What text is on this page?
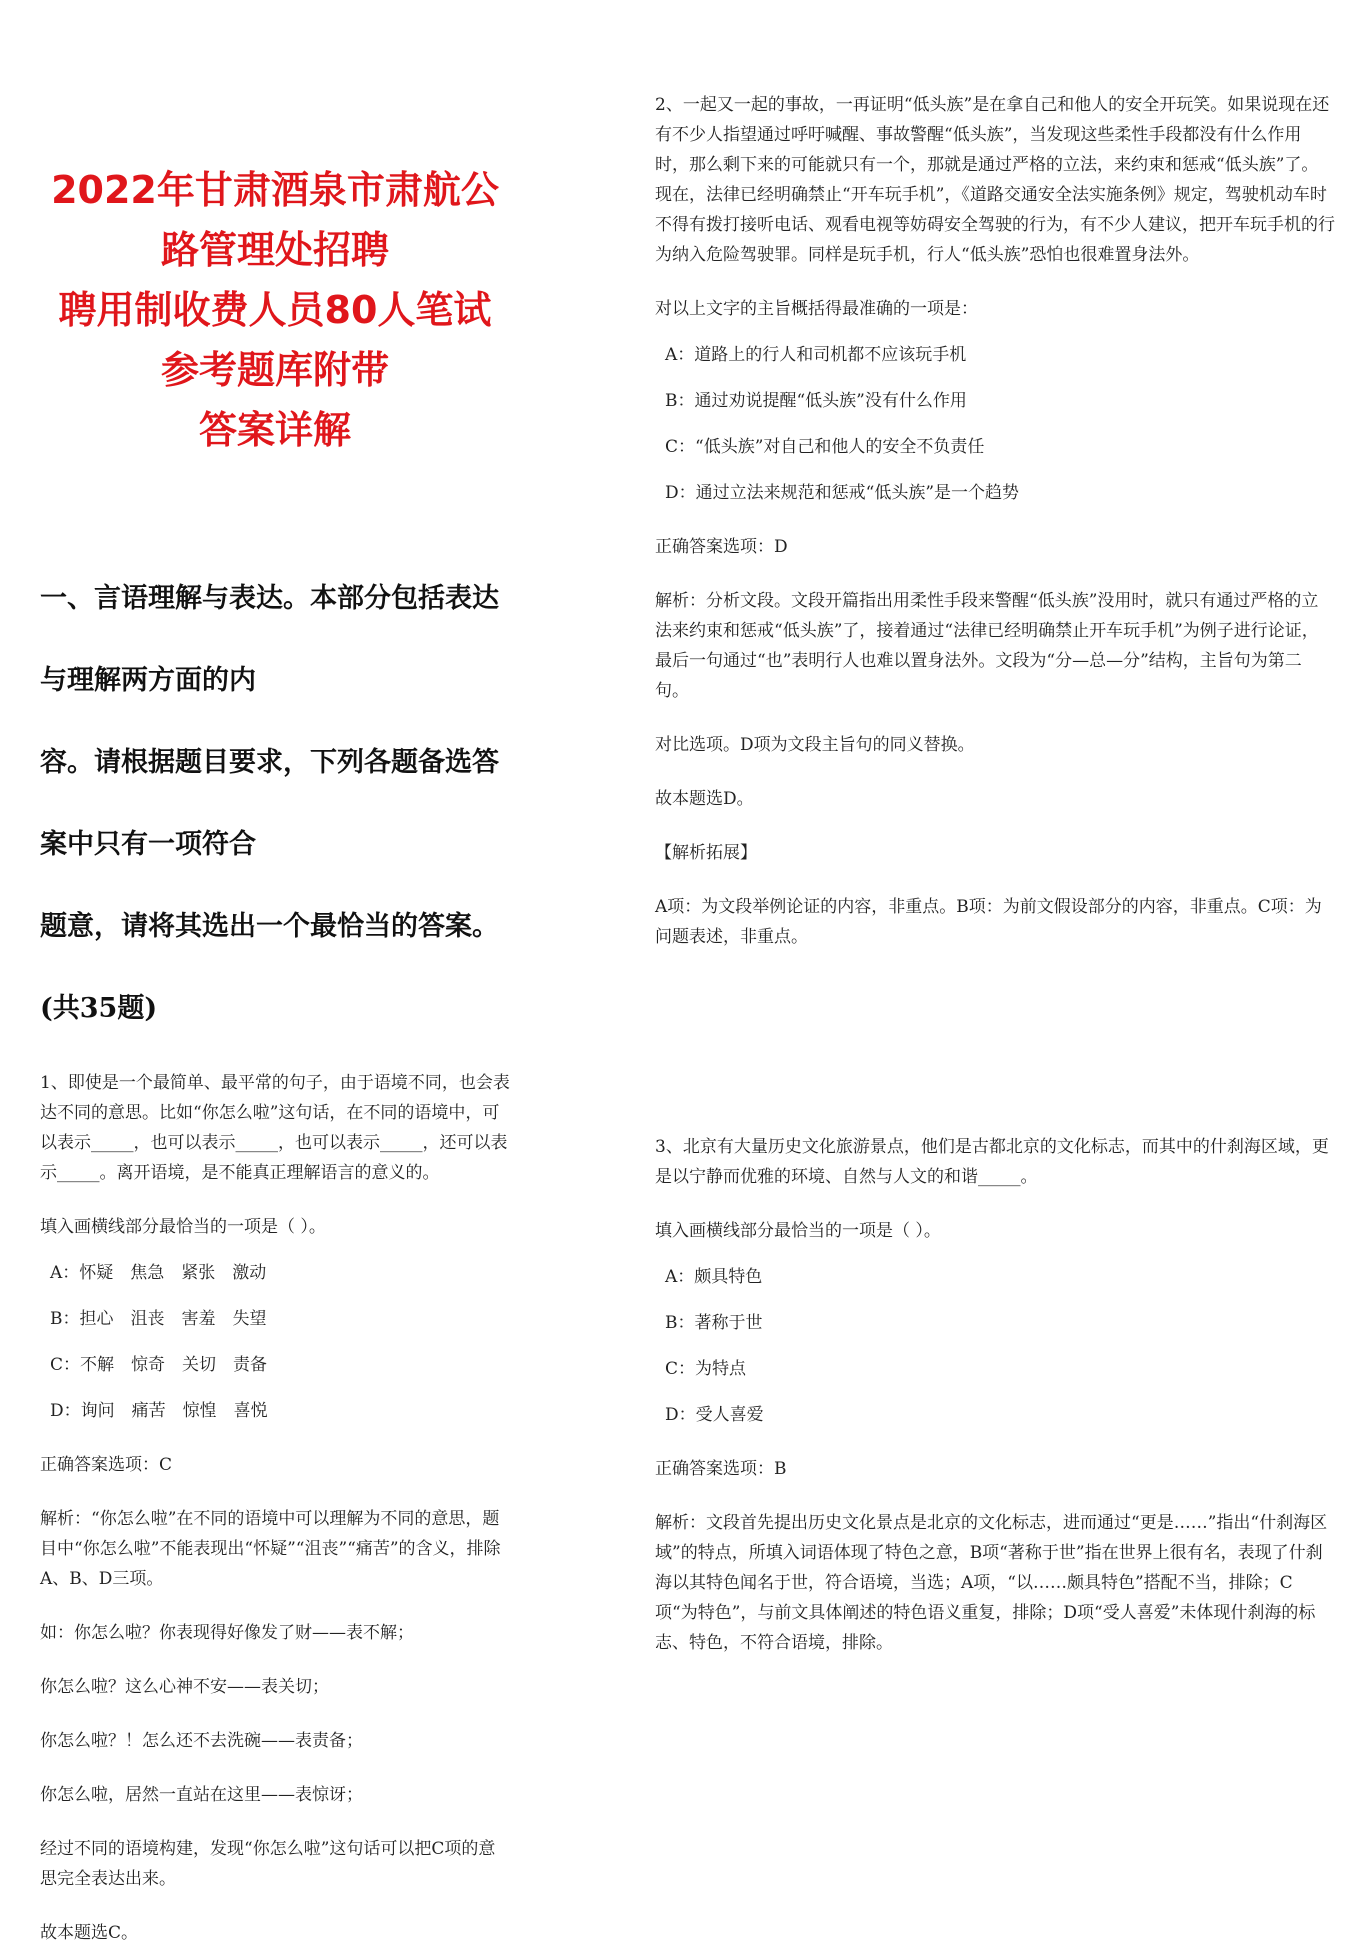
2022年甘肃酒泉市肃航公路管理处招聘

聘用制收费人员80人笔试参考题库附带

答案详解

一、言语理解与表达。本部分包括表达与理解两方面的内

容。请根据题目要求，下列各题备选答案中只有一项符合

题意，请将其选出一个最恰当的答案。(共35题)

1、即使是一个最简单、最平常的句子，由于语境不同，也会表达不同的意思。比如“你怎么啦”这句话，在不同的语境中，可以表示_____，也可以表示_____，也可以表示_____，还可以表示_____。离开语境，是不能真正理解语言的意义的。

填入画横线部分最恰当的一项是（ ）。

A：怀疑　焦急　紧张　激动

B：担心　沮丧　害羞　失望

C：不解　惊奇　关切　责备

D：询问　痛苦　惊惶　喜悦

正确答案选项：C

解析：“你怎么啦”在不同的语境中可以理解为不同的意思，题目中“你怎么啦”不能表现出“怀疑”“沮丧”“痛苦”的含义，排除A、B、D三项。

如：你怎么啦？你表现得好像发了财——表不解；

你怎么啦？这么心神不安——表关切；

你怎么啦？！怎么还不去洗碗——表责备；

你怎么啦，居然一直站在这里——表惊讶；

经过不同的语境构建，发现“你怎么啦”这句话可以把C项的意思完全表达出来。

故本题选C。

2、一起又一起的事故，一再证明“低头族”是在拿自己和他人的安全开玩笑。如果说现在还有不少人指望通过呼吁喊醒、事故警醒“低头族”，当发现这些柔性手段都没有什么作用时，那么剩下来的可能就只有一个，那就是通过严格的立法，来约束和惩戒“低头族”了。现在，法律已经明确禁止“开车玩手机”，《道路交通安全法实施条例》规定，驾驶机动车时不得有拨打接听电话、观看电视等妨碍安全驾驶的行为，有不少人建议，把开车玩手机的行为纳入危险驾驶罪。同样是玩手机，行人“低头族”恐怕也很难置身法外。

对以上文字的主旨概括得最准确的一项是：

A：道路上的行人和司机都不应该玩手机

B：通过劝说提醒“低头族”没有什么作用

C：“低头族”对自己和他人的安全不负责任

D：通过立法来规范和惩戒“低头族”是一个趋势

正确答案选项：D

解析：分析文段。文段开篇指出用柔性手段来警醒“低头族”没用时，就只有通过严格的立法来约束和惩戒“低头族”了，接着通过“法律已经明确禁止开车玩手机”为例子进行论证，最后一句通过“也”表明行人也难以置身法外。文段为“分—总—分”结构，主旨句为第二句。

对比选项。D项为文段主旨句的同义替换。

故本题选D。

【解析拓展】

A项：为文段举例论证的内容，非重点。B项：为前文假设部分的内容，非重点。C项：为问题表述，非重点。

3、北京有大量历史文化旅游景点，他们是古都北京的文化标志，而其中的什刹海区域，更是以宁静而优雅的环境、自然与人文的和谐_____。

填入画横线部分最恰当的一项是（ ）。

A：颇具特色

B：著称于世

C：为特点

D：受人喜爱

正确答案选项：B

解析：文段首先提出历史文化景点是北京的文化标志，进而通过“更是……”指出“什刹海区域”的特点，所填入词语体现了特色之意，B项“著称于世”指在世界上很有名，表现了什刹海以其特色闻名于世，符合语境，当选；A项，“以……颇具特色”搭配不当，排除；C项“为特色”，与前文具体阐述的特色语义重复，排除；D项“受人喜爱”未体现什刹海的标志、特色，不符合语境，排除。
